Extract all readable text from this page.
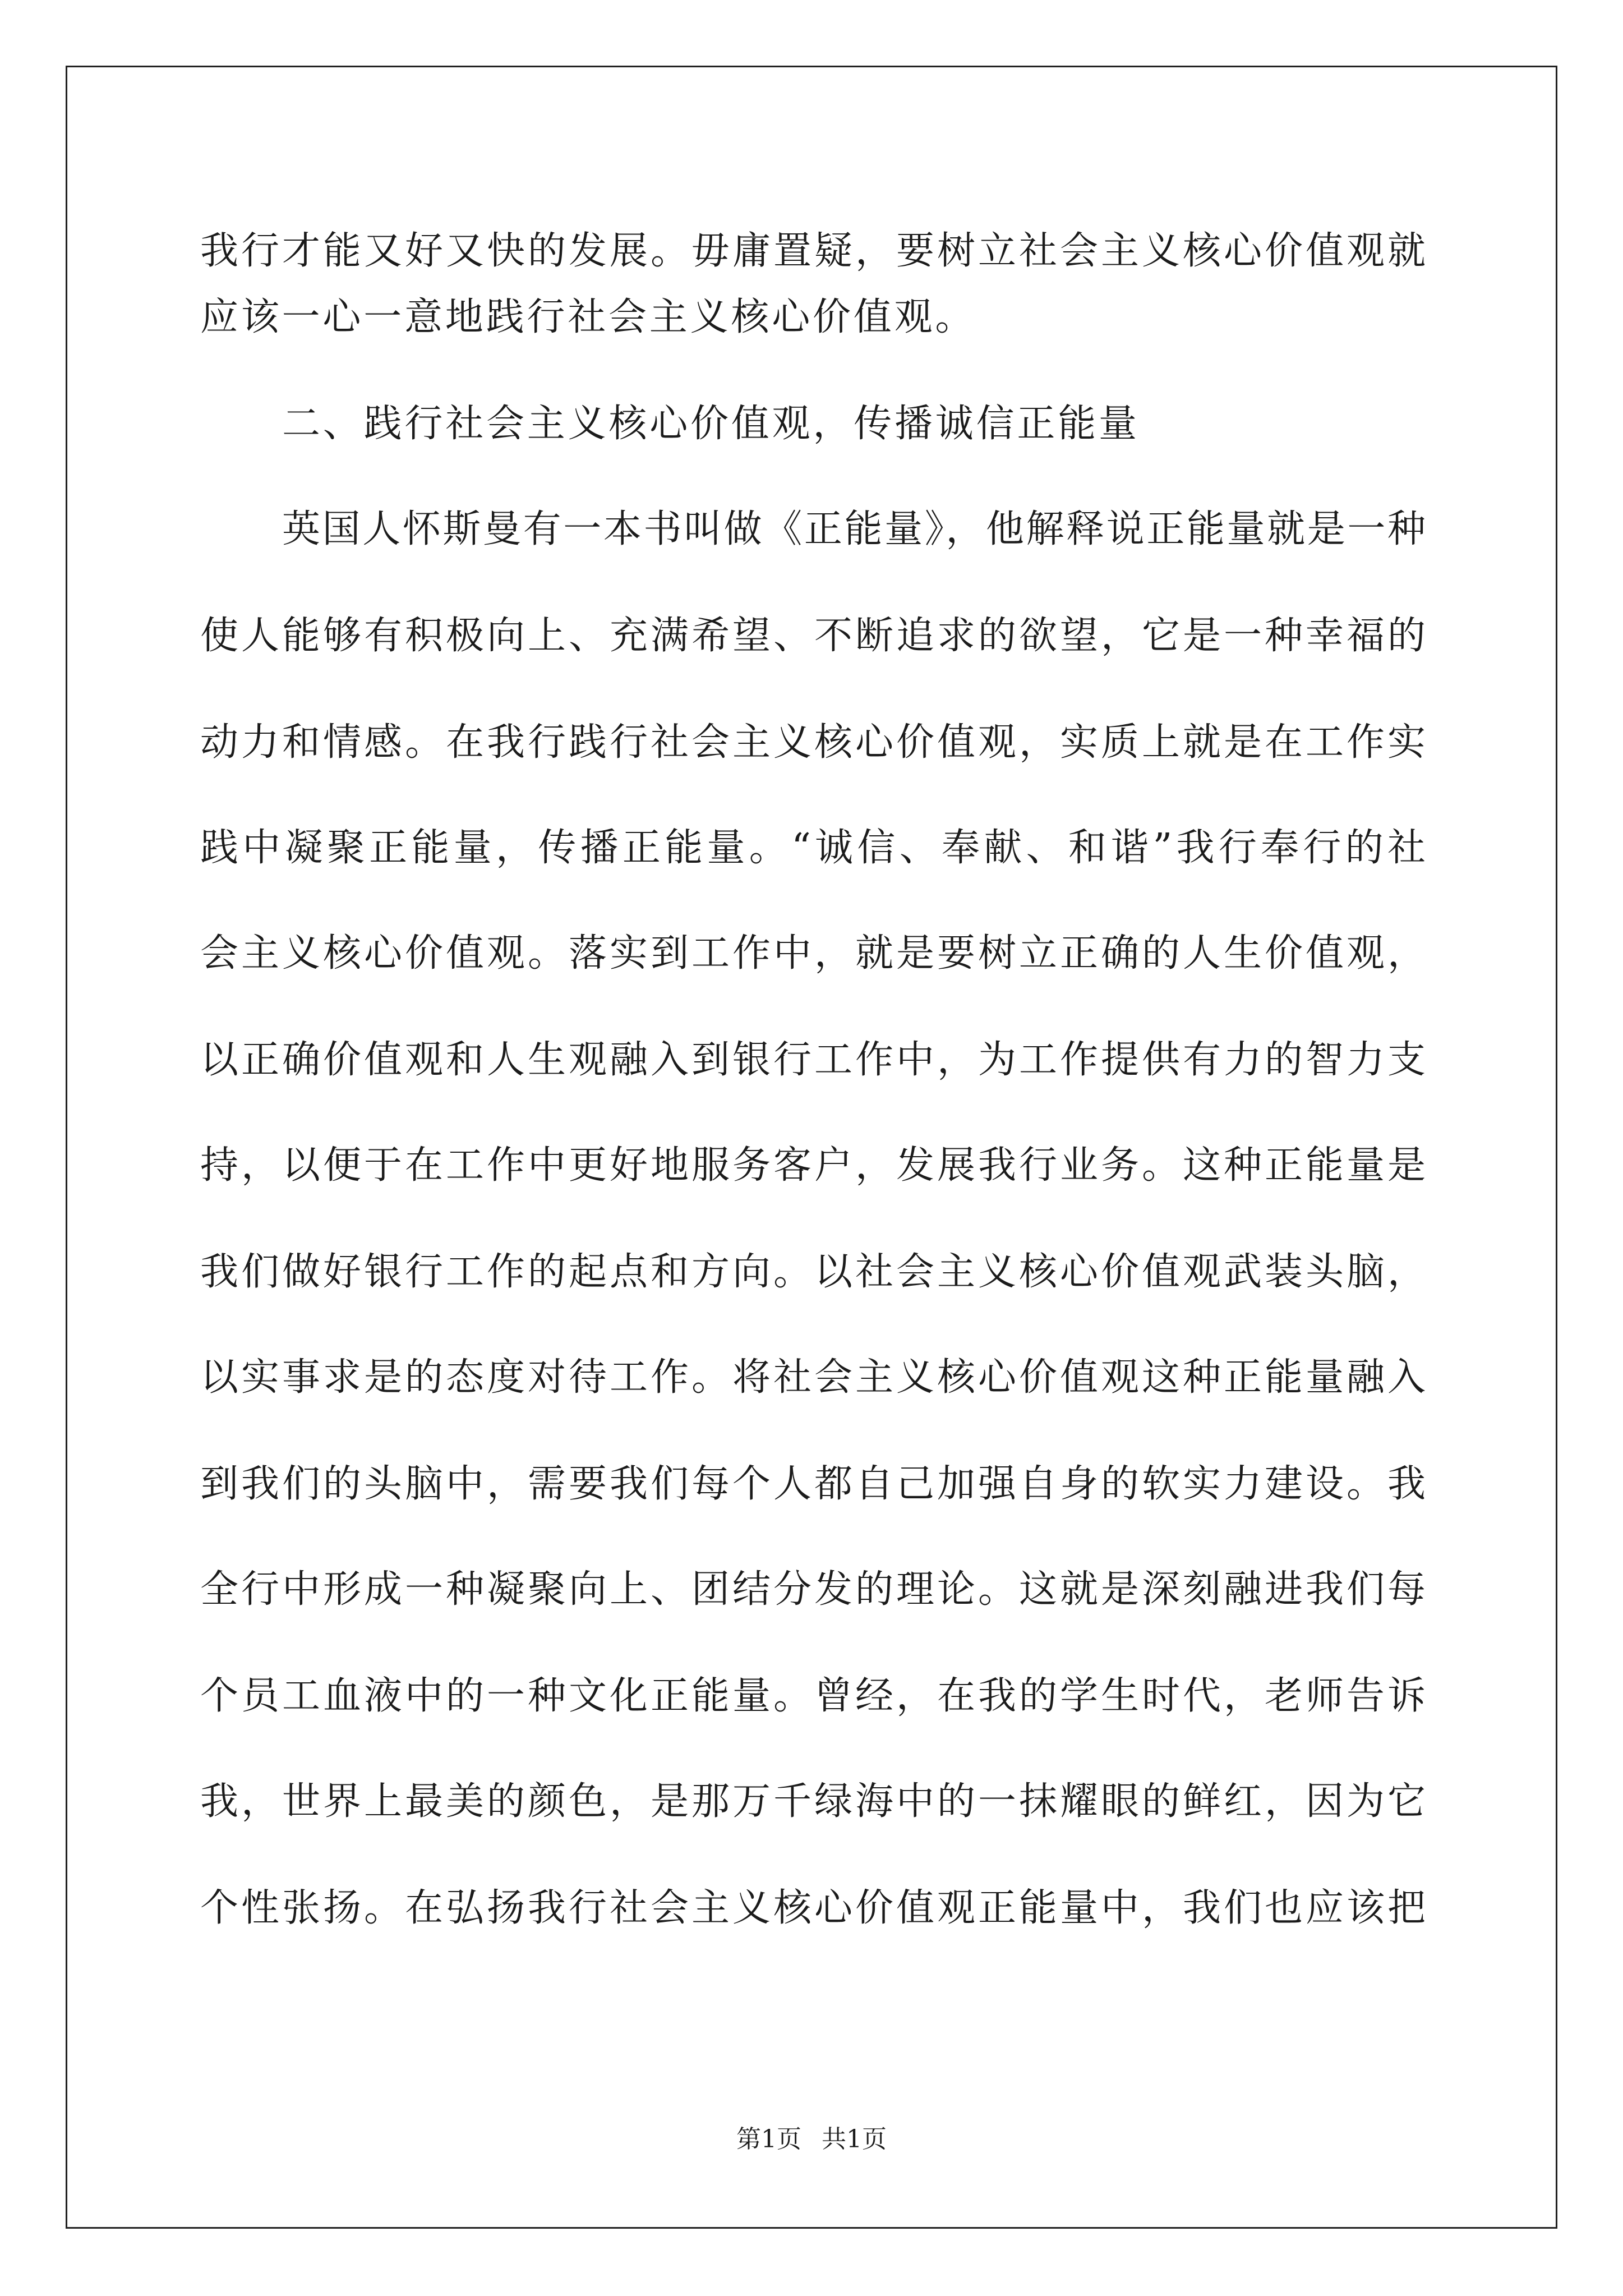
我行才能又好又快的发展。毋庸置疑，要树立社会主义核心价值观就
应该一心一意地践行社会主义核心价值观。
二、践行社会主义核心价值观，传播诚信正能量
英国人怀斯曼有一本书叫做《正能量》，他解释说正能量就是一种
使人能够有积极向上、充满希望、不断追求的欲望，它是一种幸福的
动力和情感。在我行践行社会主义核心价值观，实质上就是在工作实
践中凝聚正能量，传播正能量。“诚信、奉献、和谐”我行奉行的社
会主义核心价值观。落实到工作中，就是要树立正确的人生价值观，
以正确价值观和人生观融入到银行工作中，为工作提供有力的智力支
持，以便于在工作中更好地服务客户，发展我行业务。这种正能量是
我们做好银行工作的起点和方向。以社会主义核心价值观武装头脑，
以实事求是的态度对待工作。将社会主义核心价值观这种正能量融入
到我们的头脑中，需要我们每个人都自己加强自身的软实力建设。我
全行中形成一种凝聚向上、团结分发的理论。这就是深刻融进我们每
个员工血液中的一种文化正能量。曾经，在我的学生时代，老师告诉
我，世界上最美的颜色，是那万千绿海中的一抹耀眼的鲜红，因为它
个性张扬。在弘扬我行社会主义核心价值观正能量中，我们也应该把
第1页 共1页
